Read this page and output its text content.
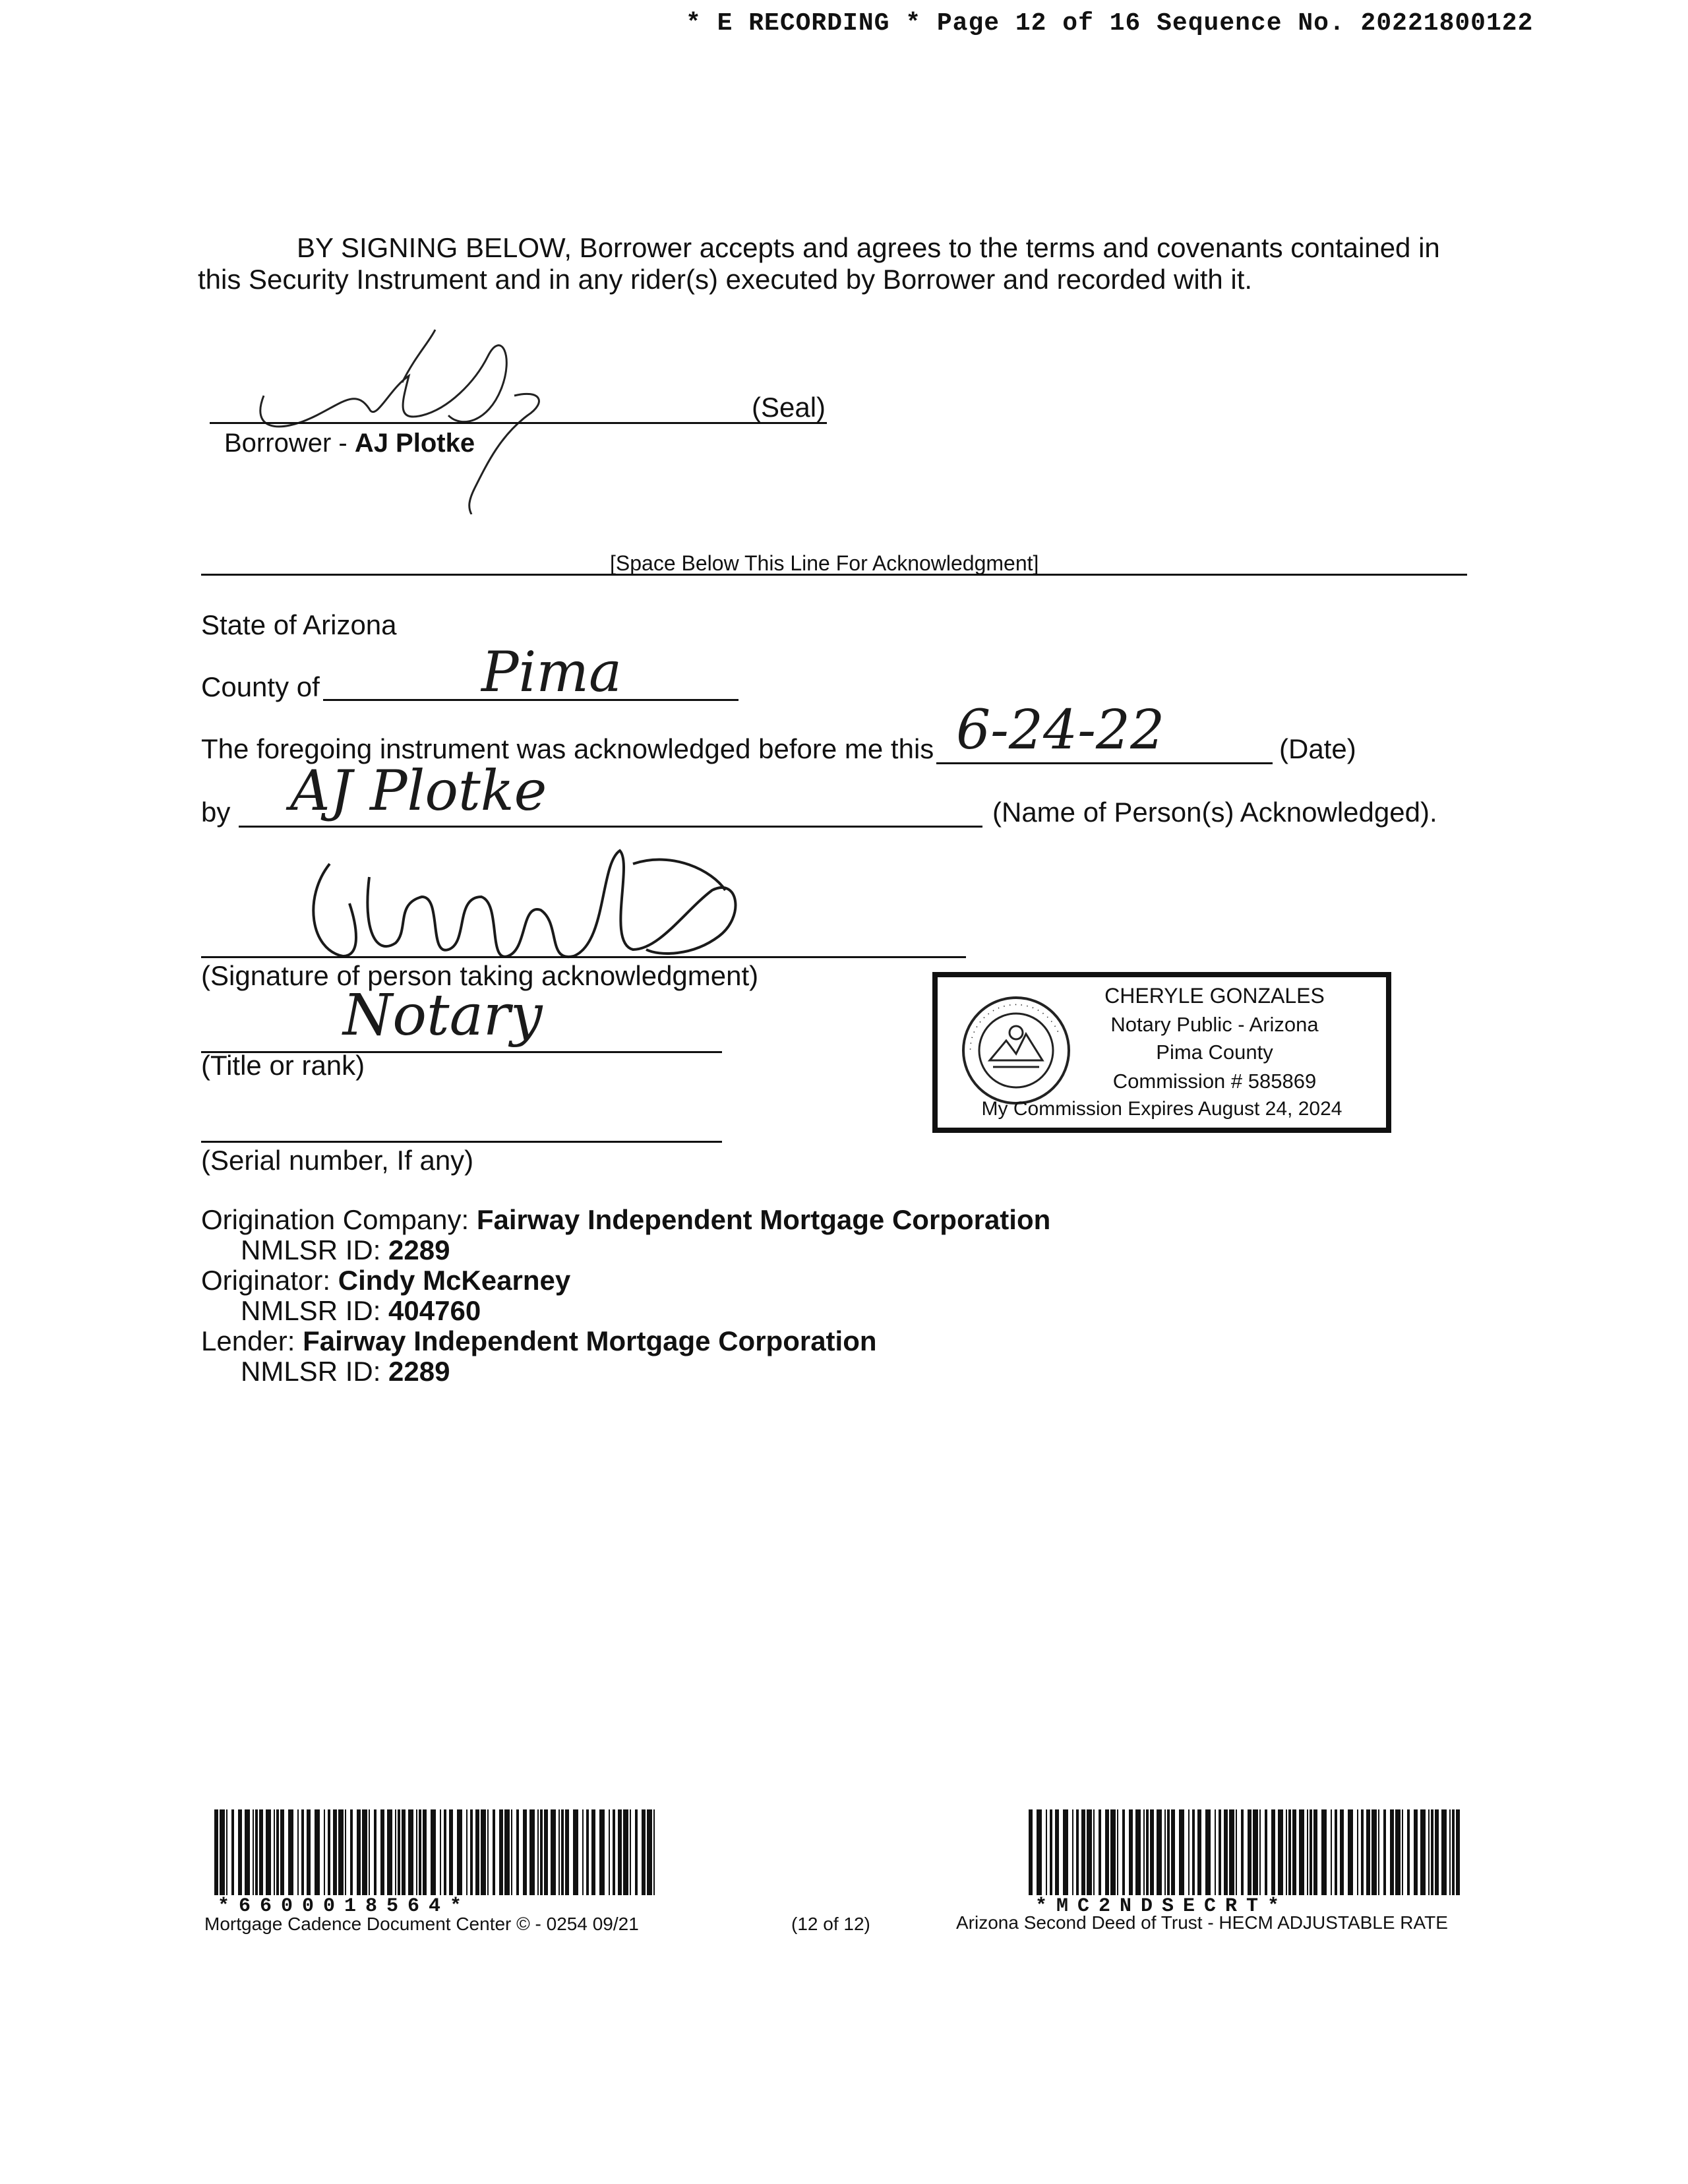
* E RECORDING * Page 12 of 16 Sequence No. 20221800122
BY SIGNING BELOW, Borrower accepts and agrees to the terms and covenants contained in this Security Instrument and in any rider(s) executed by Borrower and recorded with it.
(Seal)
Borrower - AJ Plotke
[Space Below This Line For Acknowledgment]
State of Arizona
County of	Pima
The foregoing instrument was acknowledged before me this 6-24-22	(Date)
by AJ Plotke	(Name of Person(s) Acknowledged).
(Signature of person taking acknowledgment)
Notary
(Title or rank)
(Serial number, If any)
· · · · · · · · · · · · · · · · · · · · · ·
CHERYLE GONZALES
Notary Public - Arizona
Pima County
Commission # 585869
My Commission Expires August 24, 2024
Origination Company: Fairway Independent Mortgage Corporation
NMLSR ID: 2289
Originator: Cindy McKearney
NMLSR ID: 404760
Lender: Fairway Independent Mortgage Corporation
NMLSR ID: 2289
*6600018564*
Mortgage Cadence Document Center © - 0254 09/21	(12 of 12)
*MC2NDSECRT*
Arizona Second Deed of Trust - HECM ADJUSTABLE RATE
